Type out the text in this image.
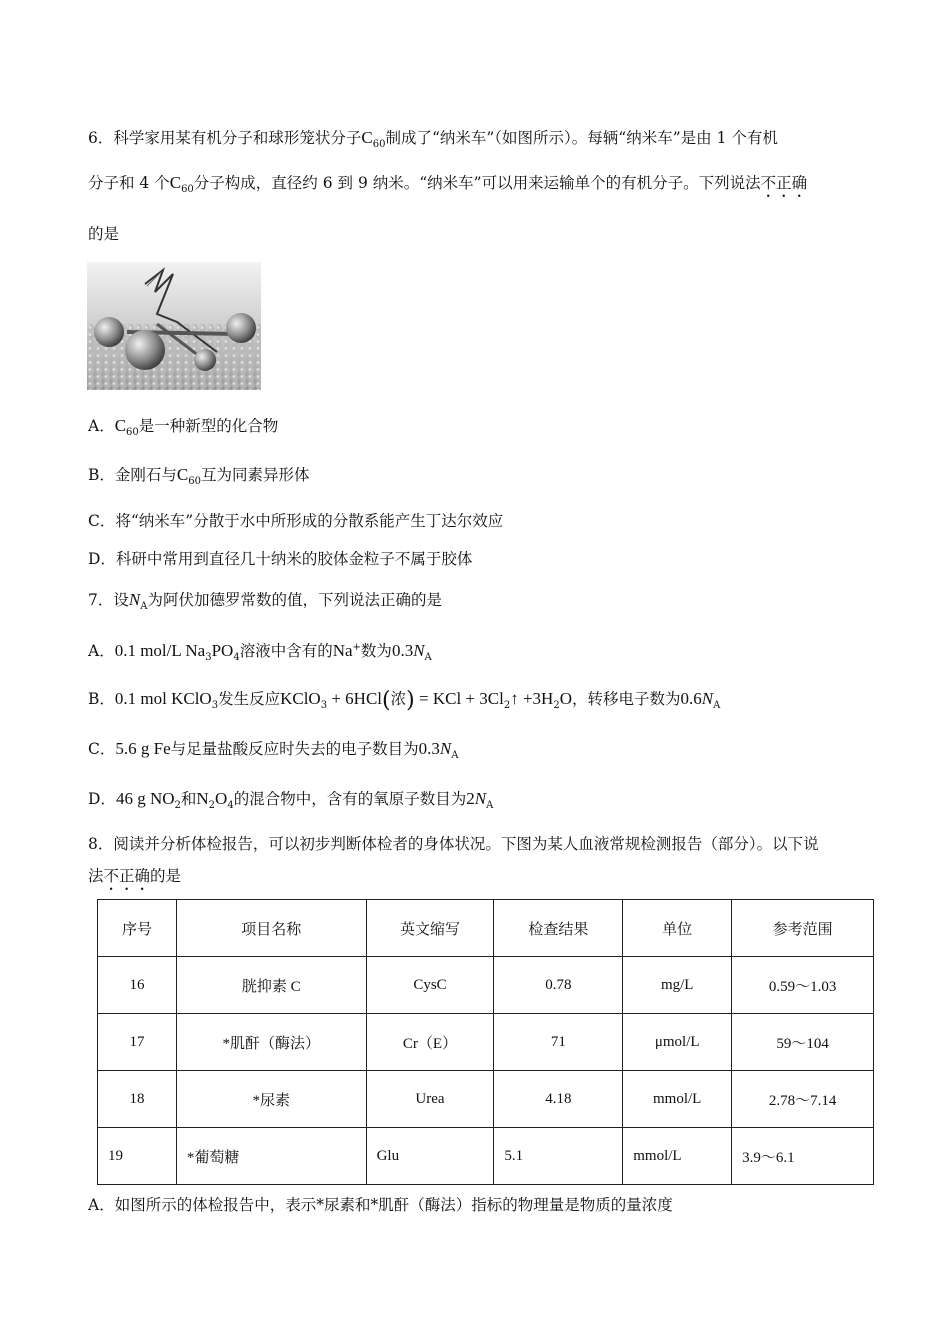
6．科学家用某有机分子和球形笼状分子$C_{60}$制成了“纳米车”（如图所示）。每辆“纳米车”是由 1 个有机
分子和 4 个$C_{60}$分子构成，直径约 6 到 9 纳米。“纳米车”可以用来运输单个的有机分子。下列说法不正确
的是
A．$C_{60}$是一种新型的化合物
B．金刚石与$C_{60}$互为同素异形体
C．将“纳米车”分散于水中所形成的分散系能产生丁达尔效应
D．科研中常用到直径几十纳米的胶体金粒子不属于胶体
7．设$N_A$为阿伏加德罗常数的值，下列说法正确的是
A．0.1 mol/L $Na_3PO_4$溶液中含有的Na+数为$0.3N_A$
B．0.1 mol KClO$_3$发生反应KClO$_3$ + 6HCl(浓) = KCl + $3Cl_2↑ +3H_2O$，转移电子数为$0.6N_A$
C．5.6 g Fe与足量盐酸反应时失去的电子数目为$0.3N_A$
D．46 g $NO_2$和$N_2O_4$的混合物中，含有的氧原子数目为$2N_A$
8．阅读并分析体检报告，可以初步判断体检者的身体状况。下图为某人血液常规检测报告（部分）。以下说
法不正确的是
序号	项目名称	英文缩写	检查结果	单位	参考范围
16	胱抑素 C	CysC	0.78	mg/L	0.59～1.03
17	*肌酐（酶法）	Cr（E）	71	μmol/L	59～104
18	*尿素	Urea	4.18	mmol/L	2.78～7.14
19	*葡萄糖	Glu	5.1	mmol/L	3.9～6.1
A．如图所示的体检报告中，表示*尿素和*肌酐（酶法）指标的物理量是物质的量浓度
